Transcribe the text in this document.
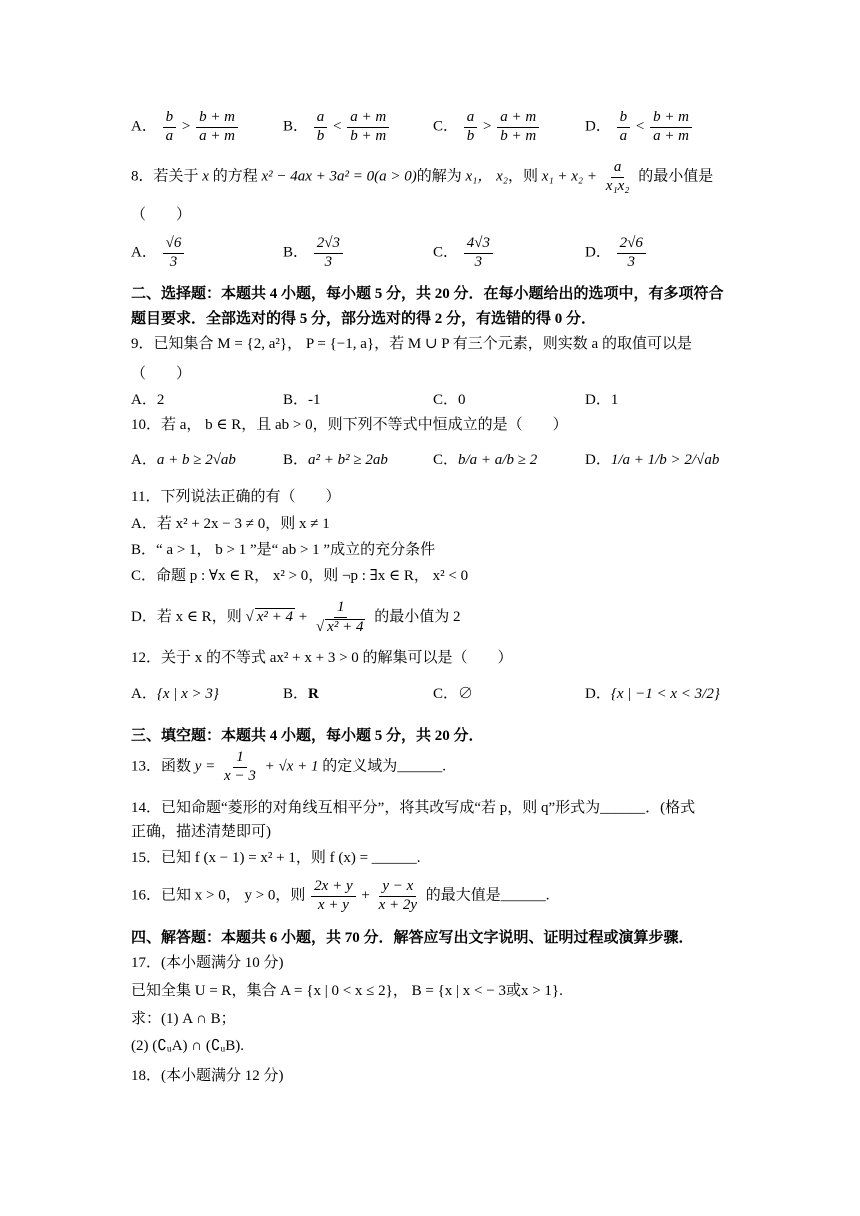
A． $\frac{b}{a} > \frac{b + m}{a + m}$	B． $\frac{a}{b} < \frac{a + m}{b + m}$	C． $\frac{a}{b} > \frac{a + m}{b + m}$	D． $\frac{b}{a} < \frac{b + m}{a + m}$
8．若关于 x 的方程 x² − 4ax + 3a² = 0(a > 0)的解为 x₁， x₂，则 $x_1 + x_2 + \frac{a}{\text{x₁x₂}}$ 的最小值是
（　　）
A． $\frac{√6}{3}$	B． $\frac{2√3}{3}$	C． $\frac{4√3}{3}$	D． $\frac{2√6}{3}$
二、选择题：本题共 4 小题，每小题 5 分，共 20 分．在每小题给出的选项中，有多项符合
题目要求．全部选对的得 5 分，部分选对的得 2 分，有选错的得 0 分．
9．已知集合 M = {2, a²}， P = {−1, a}，若 M ∪ P 有三个元素，则实数 a 的取值可以是
（　　）
A．2	B．-1	C．0	D．1
10．若 a， b ∈ R，且 ab > 0，则下列不等式中恒成立的是（　　）
A．a + b ≥ 2√ab	B．a² + b² ≥ 2ab	C．b/a + a/b ≥ 2	D．1/a + 1/b > 2/√ab
11．下列说法正确的有（　　）
A．若 x² + 2x − 3 ≠ 0，则 x ≠ 1
B．“ a > 1， b > 1 ”是“ ab > 1 ”成立的充分条件
C．命题 p : ∀x ∈ R， x² > 0，则 ¬p : ∃x ∈ R， x² < 0
D．若 x ∈ R，则 √ $x^2 + 4 + \frac{1}{\text{√ x² + 4}}$ 的最小值为 2
12．关于 x 的不等式 ax² + x + 3 > 0 的解集可以是（　　）
A．{x | x > 3}	B．R	C．∅	D．{x | −1 < x < 3/2}
三、填空题：本题共 4 小题，每小题 5 分，共 20 分．
13．函数 $y = \frac{1}{x - 3} + √x + 1$ 的定义域为______.
14．已知命题“菱形的对角线互相平分”，将其改写成“若 p，则 q”形式为______．(格式
正确，描述清楚即可)
15．已知 f (x − 1) = x² + 1，则 f (x) = ______.
16．已知 x > 0， y > 0，则 $\frac{2x + y}{x + y} + \frac{y - x}{x + 2y}$ 的最大值是______.
四、解答题：本题共 6 小题，共 70 分．解答应写出文字说明、证明过程或演算步骤．
17．(本小题满分 10 分)
已知全集 U = R，集合 A = {x | 0 < x ≤ 2}， B = {x | x < − 3或x > 1}.
求：(1) A ∩ B；
(2) (∁ᵤA) ∩ (∁ᵤB).
18．(本小题满分 12 分)
